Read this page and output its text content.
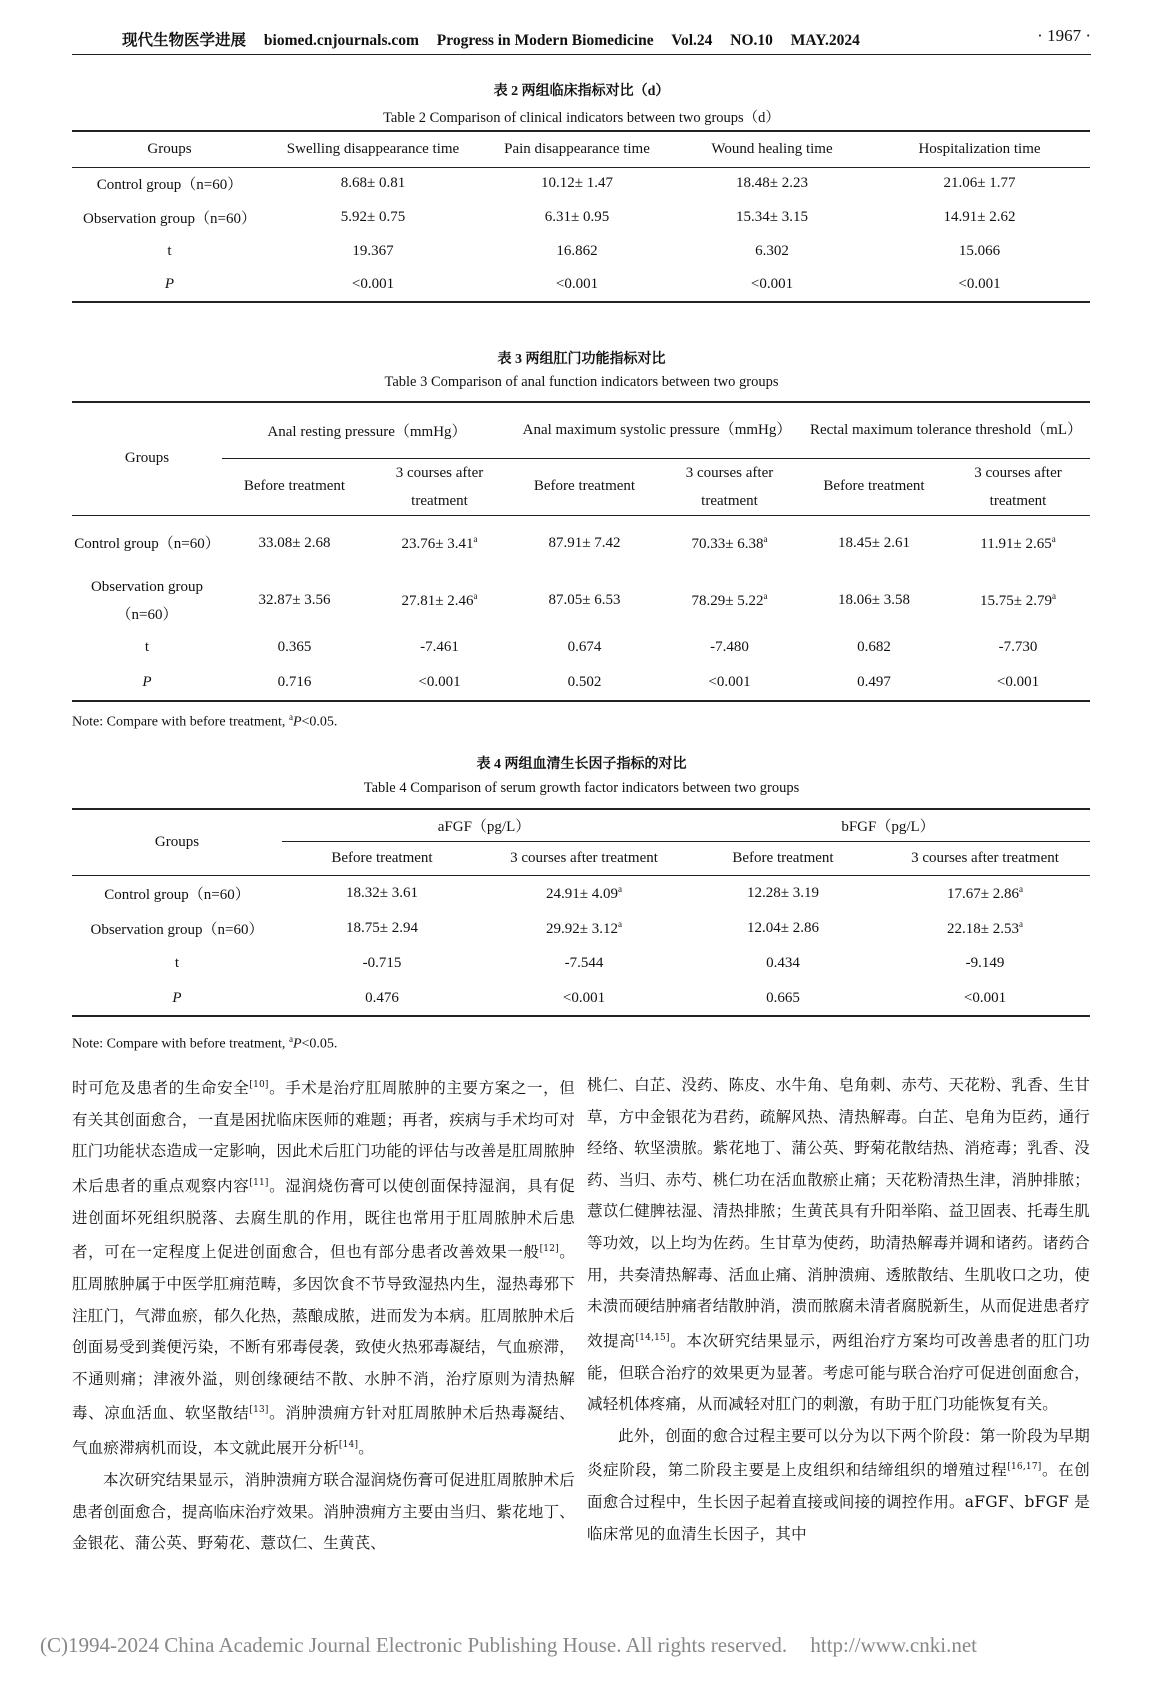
现代生物医学进展 biomed.cnjournals.com Progress in Modern Biomedicine Vol.24 NO.10 MAY.2024	· 1967 ·
表 2 两组临床指标对比（d）
Table 2 Comparison of clinical indicators between two groups（d）
Groups	Swelling disappearance time	Pain disappearance time	Wound healing time	Hospitalization time
Control group（n=60）	8.68± 0.81	10.12± 1.47	18.48± 2.23	21.06± 1.77
Observation group（n=60）	5.92± 0.75	6.31± 0.95	15.34± 3.15	14.91± 2.62
t	19.367	16.862	6.302	15.066
P	<0.001	<0.001	<0.001	<0.001
表 3 两组肛门功能指标对比
Table 3 Comparison of anal function indicators between two groups
Groups	Anal resting pressure（mmHg）		Anal maximum systolic pressure（mmHg）		Rectal maximum tolerance threshold（mL）	
	Before treatment	3 courses after treatment	Before treatment	3 courses after treatment	Before treatment	3 courses after treatment
Control group（n=60）	33.08± 2.68	23.76± 3.41$^a$	87.91± 7.42	70.33± 6.38$^a$	18.45± 2.61	11.91± 2.65$^a$
Observation group（n=60）	32.87± 3.56	27.81± 2.46$^a$	87.05± 6.53	78.29± 5.22$^a$	18.06± 3.58	15.75± 2.79$^a$
t	0.365	-7.461	0.674	-7.480	0.682	-7.730
P	0.716	<0.001	0.502	<0.001	0.497	<0.001
Note: Compare with before treatment, $^a$P<0.05.
表 4 两组血清生长因子指标的对比
Table 4 Comparison of serum growth factor indicators between two groups
Groups	aFGF（pg/L）		bFGF（pg/L）	
	Before treatment	3 courses after treatment	Before treatment	3 courses after treatment
Control group（n=60）	18.32± 3.61	24.91± 4.09$^a$	12.28± 3.19	17.67± 2.86$^a$
Observation group（n=60）	18.75± 2.94	29.92± 3.12$^a$	12.04± 2.86	22.18± 2.53$^a$
t	-0.715	-7.544	0.434	-9.149
P	0.476	<0.001	0.665	<0.001
Note: Compare with before treatment, $^a$P<0.05.

时可危及患者的生命安全[10]。手术是治疗肛周脓肿的主要方案之一，但有关其创面愈合，一直是困扰临床医师的难题；再者，疾病与手术均可对肛门功能状态造成一定影响，因此术后肛门功能的评估与改善是肛周脓肿术后患者的重点观察内容[11]。湿润烧伤膏可以使创面保持湿润，具有促进创面坏死组织脱落、去腐生肌的作用，既往也常用于肛周脓肿术后患者，可在一定程度上促进创面愈合，但也有部分患者改善效果一般[12]。肛周脓肿属于中医学肛痈范畴，多因饮食不节导致湿热内生，湿热毒邪下注肛门，气滞血瘀，郁久化热，蒸酿成脓，进而发为本病。肛周脓肿术后创面易受到粪便污染，不断有邪毒侵袭，致使火热邪毒凝结，气血瘀滞，不通则痛；津液外溢，则创缘硬结不散、水肿不消，治疗原则为清热解毒、凉血活血、软坚散结[13]。消肿溃痈方针对肛周脓肿术后热毒凝结、气血瘀滞病机而设，本文就此展开分析[14]。

本次研究结果显示，消肿溃痈方联合湿润烧伤膏可促进肛周脓肿术后患者创面愈合，提高临床治疗效果。消肿溃痈方主要由当归、紫花地丁、金银花、蒲公英、野菊花、薏苡仁、生黄芪、

桃仁、白芷、没药、陈皮、水牛角、皂角刺、赤芍、天花粉、乳香、生甘草，方中金银花为君药，疏解风热、清热解毒。白芷、皂角为臣药，通行经络、软坚溃脓。紫花地丁、蒲公英、野菊花散结热、消疮毒；乳香、没药、当归、赤芍、桃仁功在活血散瘀止痛；天花粉清热生津，消肿排脓；薏苡仁健脾祛湿、清热排脓；生黄芪具有升阳举陷、益卫固表、托毒生肌等功效，以上均为佐药。生甘草为使药，助清热解毒并调和诸药。诸药合用，共奏清热解毒、活血止痛、消肿溃痈、透脓散结、生肌收口之功，使未溃而硬结肿痛者结散肿消，溃而脓腐未清者腐脱新生，从而促进患者疗效提高[14,15]。本次研究结果显示，两组治疗方案均可改善患者的肛门功能，但联合治疗的效果更为显著。考虑可能与联合治疗可促进创面愈合，减轻机体疼痛，从而减轻对肛门的刺激，有助于肛门功能恢复有关。

此外，创面的愈合过程主要可以分为以下两个阶段：第一阶段为早期炎症阶段，第二阶段主要是上皮组织和结缔组织的增殖过程[16,17]。在创面愈合过程中，生长因子起着直接或间接的调控作用。aFGF、bFGF 是临床常见的血清生长因子，其中

(C)1994-2024 China Academic Journal Electronic Publishing House. All rights reserved. http://www.cnki.net
